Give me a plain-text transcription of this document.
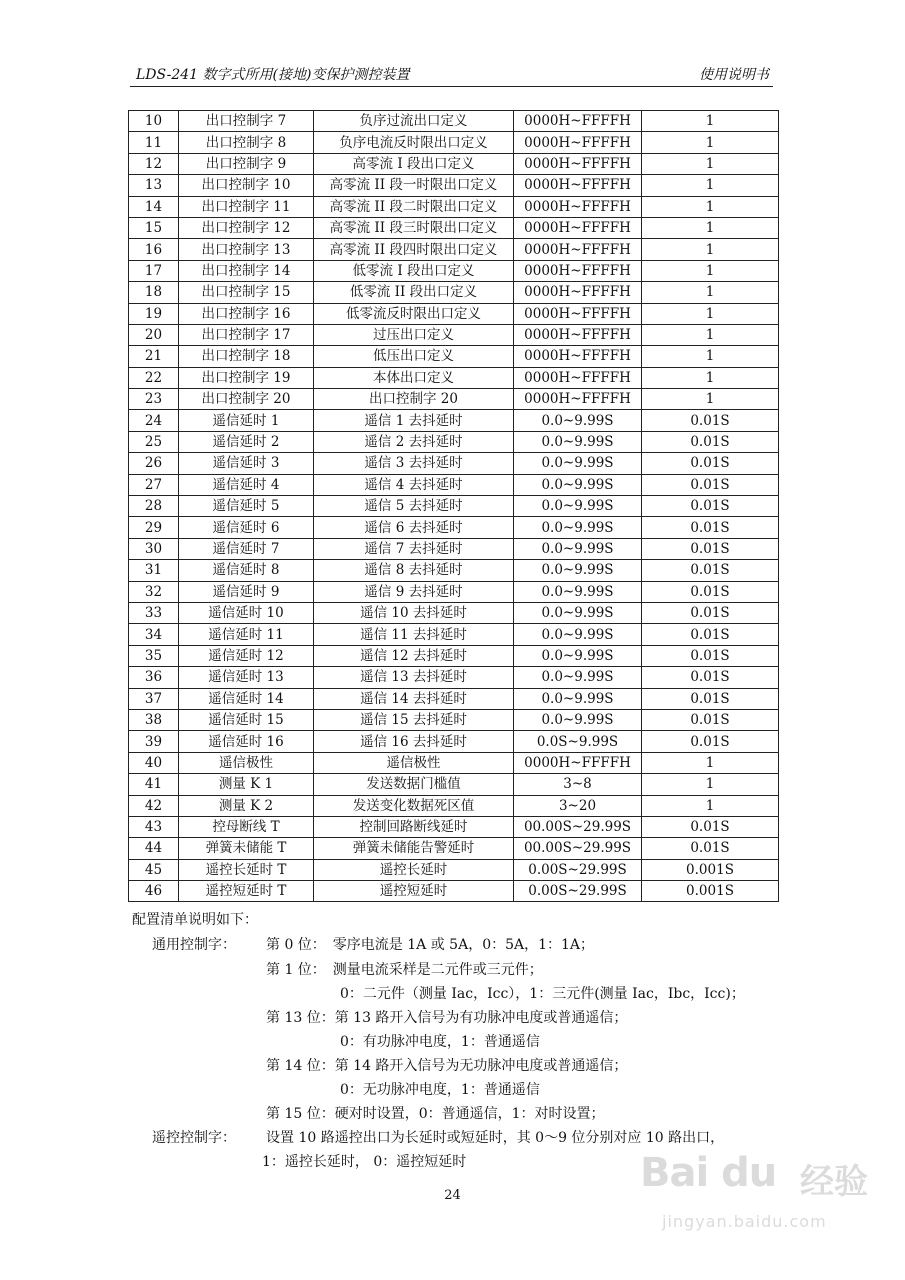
LDS-241 数字式所用(接地)变保护测控装置	使用说明书
10	出口控制字 7	负序过流出口定义	0000H~FFFFH	1
11	出口控制字 8	负序电流反时限出口定义	0000H~FFFFH	1
12	出口控制字 9	高零流 I 段出口定义	0000H~FFFFH	1
13	出口控制字 10	高零流 II 段一时限出口定义	0000H~FFFFH	1
14	出口控制字 11	高零流 II 段二时限出口定义	0000H~FFFFH	1
15	出口控制字 12	高零流 II 段三时限出口定义	0000H~FFFFH	1
16	出口控制字 13	高零流 II 段四时限出口定义	0000H~FFFFH	1
17	出口控制字 14	低零流 I 段出口定义	0000H~FFFFH	1
18	出口控制字 15	低零流 II 段出口定义	0000H~FFFFH	1
19	出口控制字 16	低零流反时限出口定义	0000H~FFFFH	1
20	出口控制字 17	过压出口定义	0000H~FFFFH	1
21	出口控制字 18	低压出口定义	0000H~FFFFH	1
22	出口控制字 19	本体出口定义	0000H~FFFFH	1
23	出口控制字 20	出口控制字 20	0000H~FFFFH	1
24	遥信延时 1	遥信 1 去抖延时	0.0~9.99S	0.01S
25	遥信延时 2	遥信 2 去抖延时	0.0~9.99S	0.01S
26	遥信延时 3	遥信 3 去抖延时	0.0~9.99S	0.01S
27	遥信延时 4	遥信 4 去抖延时	0.0~9.99S	0.01S
28	遥信延时 5	遥信 5 去抖延时	0.0~9.99S	0.01S
29	遥信延时 6	遥信 6 去抖延时	0.0~9.99S	0.01S
30	遥信延时 7	遥信 7 去抖延时	0.0~9.99S	0.01S
31	遥信延时 8	遥信 8 去抖延时	0.0~9.99S	0.01S
32	遥信延时 9	遥信 9 去抖延时	0.0~9.99S	0.01S
33	遥信延时 10	遥信 10 去抖延时	0.0~9.99S	0.01S
34	遥信延时 11	遥信 11 去抖延时	0.0~9.99S	0.01S
35	遥信延时 12	遥信 12 去抖延时	0.0~9.99S	0.01S
36	遥信延时 13	遥信 13 去抖延时	0.0~9.99S	0.01S
37	遥信延时 14	遥信 14 去抖延时	0.0~9.99S	0.01S
38	遥信延时 15	遥信 15 去抖延时	0.0~9.99S	0.01S
39	遥信延时 16	遥信 16 去抖延时	0.0S~9.99S	0.01S
40	遥信极性	遥信极性	0000H~FFFFH	1
41	测量 K 1	发送数据门槛值	3~8	1
42	测量 K 2	发送变化数据死区值	3~20	1
43	控母断线 T	控制回路断线延时	00.00S~29.99S	0.01S
44	弹簧未储能 T	弹簧未储能告警延时	00.00S~29.99S	0.01S
45	遥控长延时 T	遥控长延时	0.00S~29.99S	0.001S
46	遥控短延时 T	遥控短延时	0.00S~29.99S	0.001S
配置清单说明如下：
通用控制字： 第 0 位：　零序电流是 1A 或 5A，0：5A，1：1A；
第 1 位：　测量电流采样是二元件或三元件；
0：二元件（测量 Iac，Icc），1：三元件(测量 Iac，Ibc，Icc)；
第 13 位：第 13 路开入信号为有功脉冲电度或普通遥信；
0：有功脉冲电度，1：普通遥信
第 14 位：第 14 路开入信号为无功脉冲电度或普通遥信；
0：无功脉冲电度，1：普通遥信
第 15 位：硬对时设置，0：普通遥信，1：对时设置；
遥控控制字： 设置 10 路遥控出口为长延时或短延时，其 0～9 位分别对应 10 路出口，
1：遥控长延时， 0：遥控短延时
24	Bai du 经验
jingyan.baidu.com
